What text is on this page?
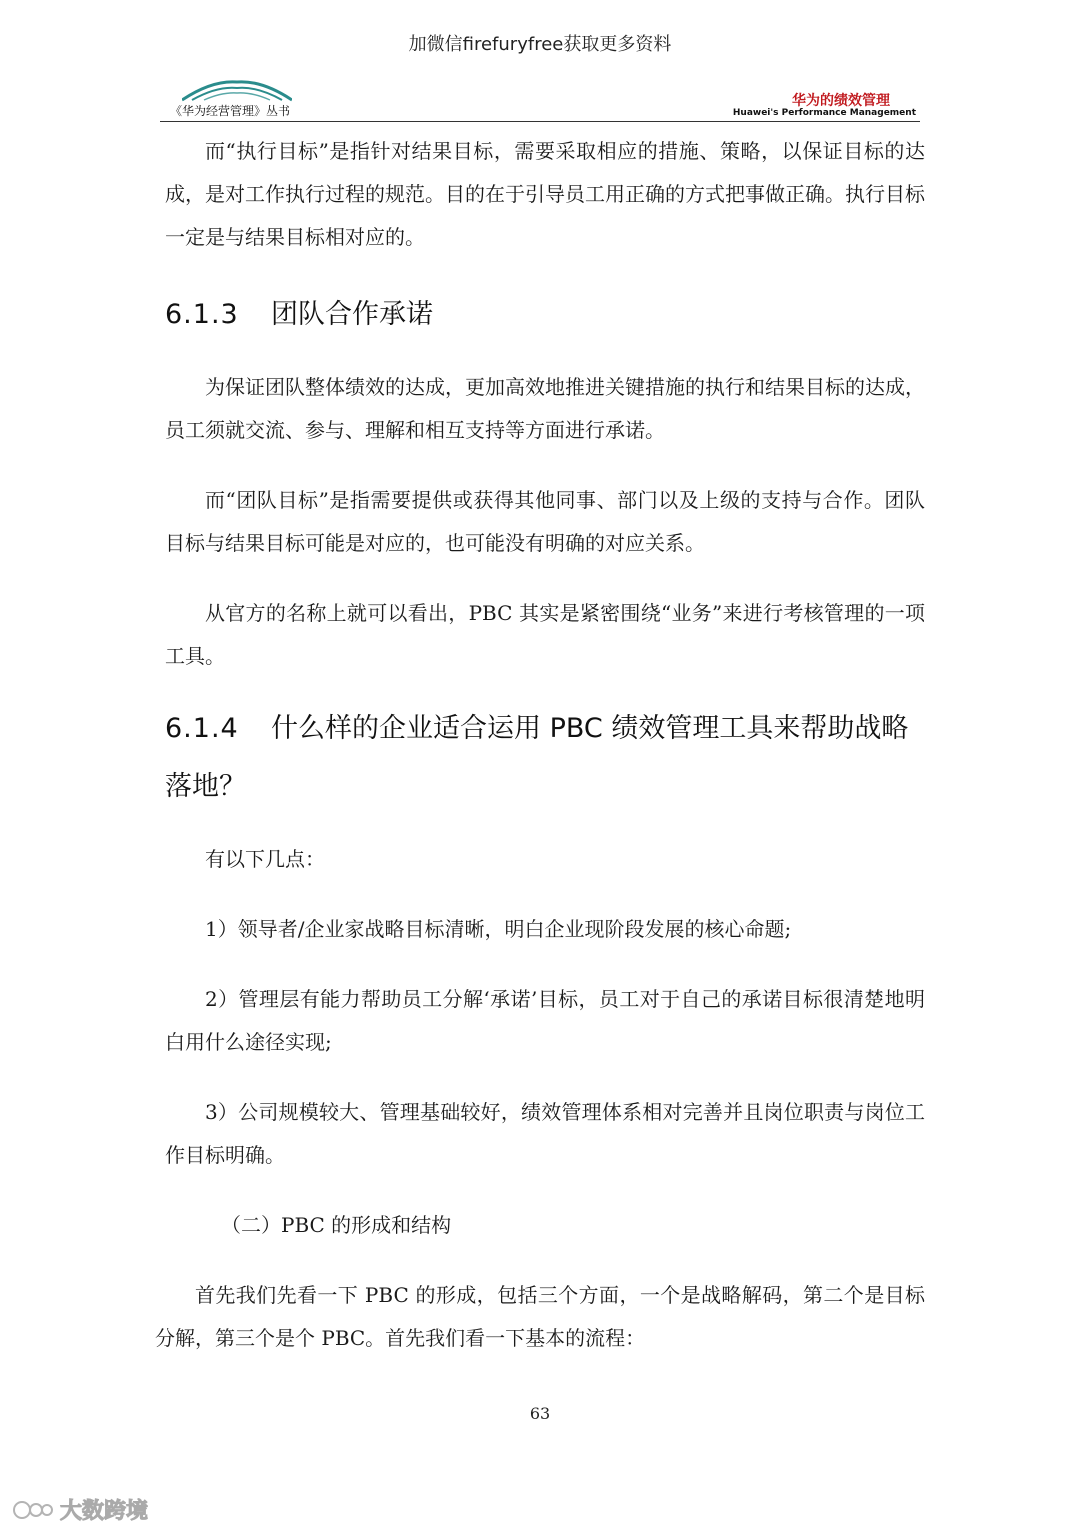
加微信firefuryfree获取更多资料
《华为经营管理》丛书
华为的绩效管理
Huawei's Performance Management

而“执行目标”是指针对结果目标，需要采取相应的措施、策略，以保证目标的达成，是对工作执行过程的规范。目的在于引导员工用正确的方式把事做正确。执行目标一定是与结果目标相对应的。

6.1.3 团队合作承诺

为保证团队整体绩效的达成，更加高效地推进关键措施的执行和结果目标的达成，员工须就交流、参与、理解和相互支持等方面进行承诺。

而“团队目标”是指需要提供或获得其他同事、部门以及上级的支持与合作。团队目标与结果目标可能是对应的，也可能没有明确的对应关系。

从官方的名称上就可以看出，PBC 其实是紧密围绕“业务”来进行考核管理的一项工具。

6.1.4 什么样的企业适合运用 PBC 绩效管理工具来帮助战略落地？

有以下几点：

1）领导者/企业家战略目标清晰，明白企业现阶段发展的核心命题;

2）管理层有能力帮助员工分解‘承诺’目标，员工对于自己的承诺目标很清楚地明白用什么途径实现;

3）公司规模较大、管理基础较好，绩效管理体系相对完善并且岗位职责与岗位工作目标明确。

（二）PBC 的形成和结构

首先我们先看一下 PBC 的形成，包括三个方面，一个是战略解码，第二个是目标分解，第三个是个 PBC。首先我们看一下基本的流程：

63
大数跨境
